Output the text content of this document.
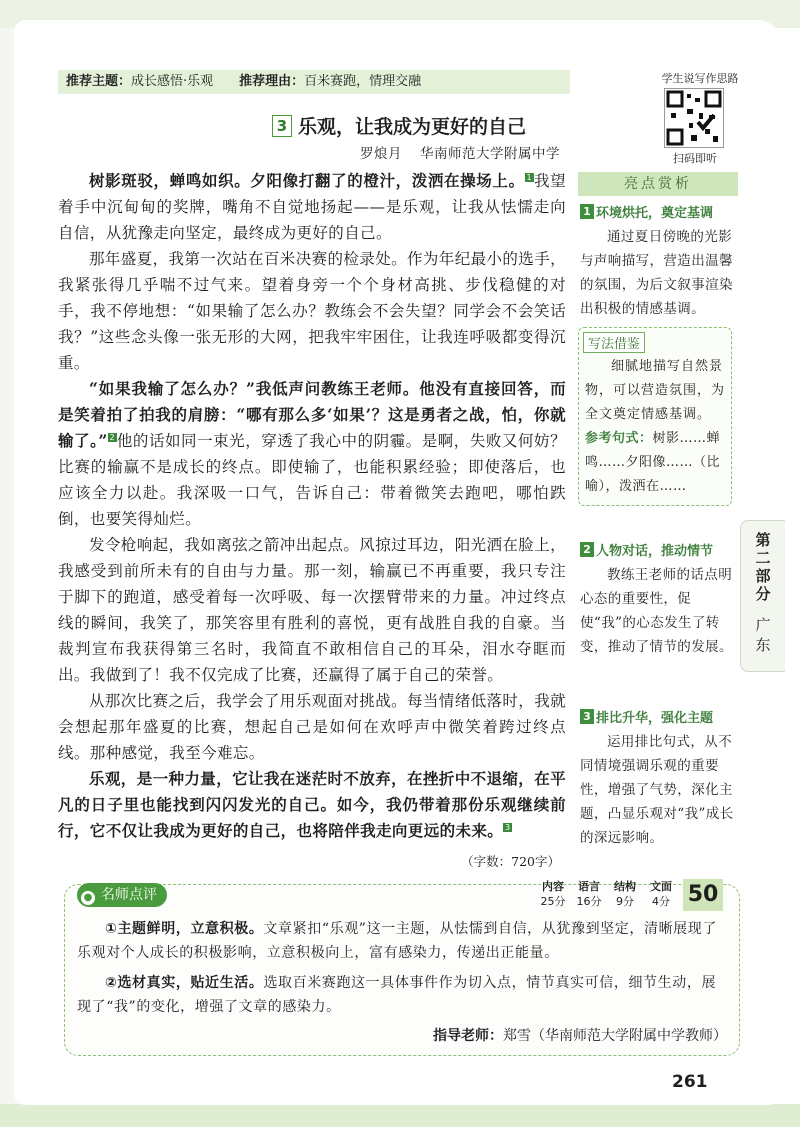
推荐主题：成长感悟·乐观 推荐理由：百米赛跑，情理交融	学生说写作思路
扫码即听
3 乐观，让我成为更好的自己
罗烺月 华南师范大学附属中学

树影斑驳，蝉鸣如织。夕阳像打翻了的橙汁，泼洒在操场上。 $^1$ 我望着手中沉甸甸的奖牌，嘴角不自觉地扬起——是乐观，让我从怯懦走向自信，从犹豫走向坚定，最终成为更好的自己。

那年盛夏，我第一次站在百米决赛的检录处。作为年纪最小的选手，我紧张得几乎喘不过气来。望着身旁一个个身材高挑、步伐稳健的对手，我不停地想：“如果输了怎么办？教练会不会失望？同学会不会笑话我？”这些念头像一张无形的大网，把我牢牢困住，让我连呼吸都变得沉重。

“如果我输了怎么办？”我低声问教练王老师。他没有直接回答，而是笑着拍了拍我的肩膀：“哪有那么多‘如果’？这是勇者之战，怕，你就输了。” $^2$ 他的话如同一束光，穿透了我心中的阴霾。是啊，失败又何妨？比赛的输赢不是成长的终点。即使输了，也能积累经验；即使落后，也应该全力以赴。我深吸一口气，告诉自己：带着微笑去跑吧，哪怕跌倒，也要笑得灿烂。

发令枪响起，我如离弦之箭冲出起点。风掠过耳边，阳光洒在脸上，我感受到前所未有的自由与力量。那一刻，输赢已不再重要，我只专注于脚下的跑道，感受着每一次呼吸、每一次摆臂带来的力量。冲过终点线的瞬间，我笑了，那笑容里有胜利的喜悦，更有战胜自我的自豪。当裁判宣布我获得第三名时，我简直不敢相信自己的耳朵，泪水夺眶而出。我做到了！我不仅完成了比赛，还赢得了属于自己的荣誉。

从那次比赛之后，我学会了用乐观面对挑战。每当情绪低落时，我就会想起那年盛夏的比赛，想起自己是如何在欢呼声中微笑着跨过终点线。那种感觉，我至今难忘。

乐观，是一种力量，它让我在迷茫时不放弃，在挫折中不退缩，在平凡的日子里也能找到闪闪发光的自己。如今，我仍带着那份乐观继续前行，它不仅让我成为更好的自己，也将陪伴我走向更远的未来。 $^3$

（字数：720字）
亮点赏析
1 环境烘托，奠定基调
通过夏日傍晚的光影与声响描写，营造出温馨的氛围，为后文叙事渲染出积极的情感基调。
写法借鉴
细腻地描写自然景物，可以营造氛围，为全文奠定情感基调。
参考句式：树影……蝉鸣……夕阳像……（比喻），泼洒在……
2 人物对话，推动情节
教练王老师的话点明心态的重要性，促使“我”的心态发生了转变，推动了情节的发展。
3 排比升华，强化主题
运用排比句式，从不同情境强调乐观的重要性，增强了气势，深化主题，凸显乐观对“我”成长的深远影响。
第
二
部
分
广
东
● 名师点评
内容
25分
语言
16分
结构
9分
文面
4分 50
①主题鲜明，立意积极。文章紧扣“乐观”这一主题，从怯懦到自信，从犹豫到坚定，清晰展现了乐观对个人成长的积极影响，立意积极向上，富有感染力，传递出正能量。
②选材真实，贴近生活。选取百米赛跑这一具体事件作为切入点，情节真实可信，细节生动，展现了“我”的变化，增强了文章的感染力。
指导老师：郑雪（华南师范大学附属中学教师）
261
